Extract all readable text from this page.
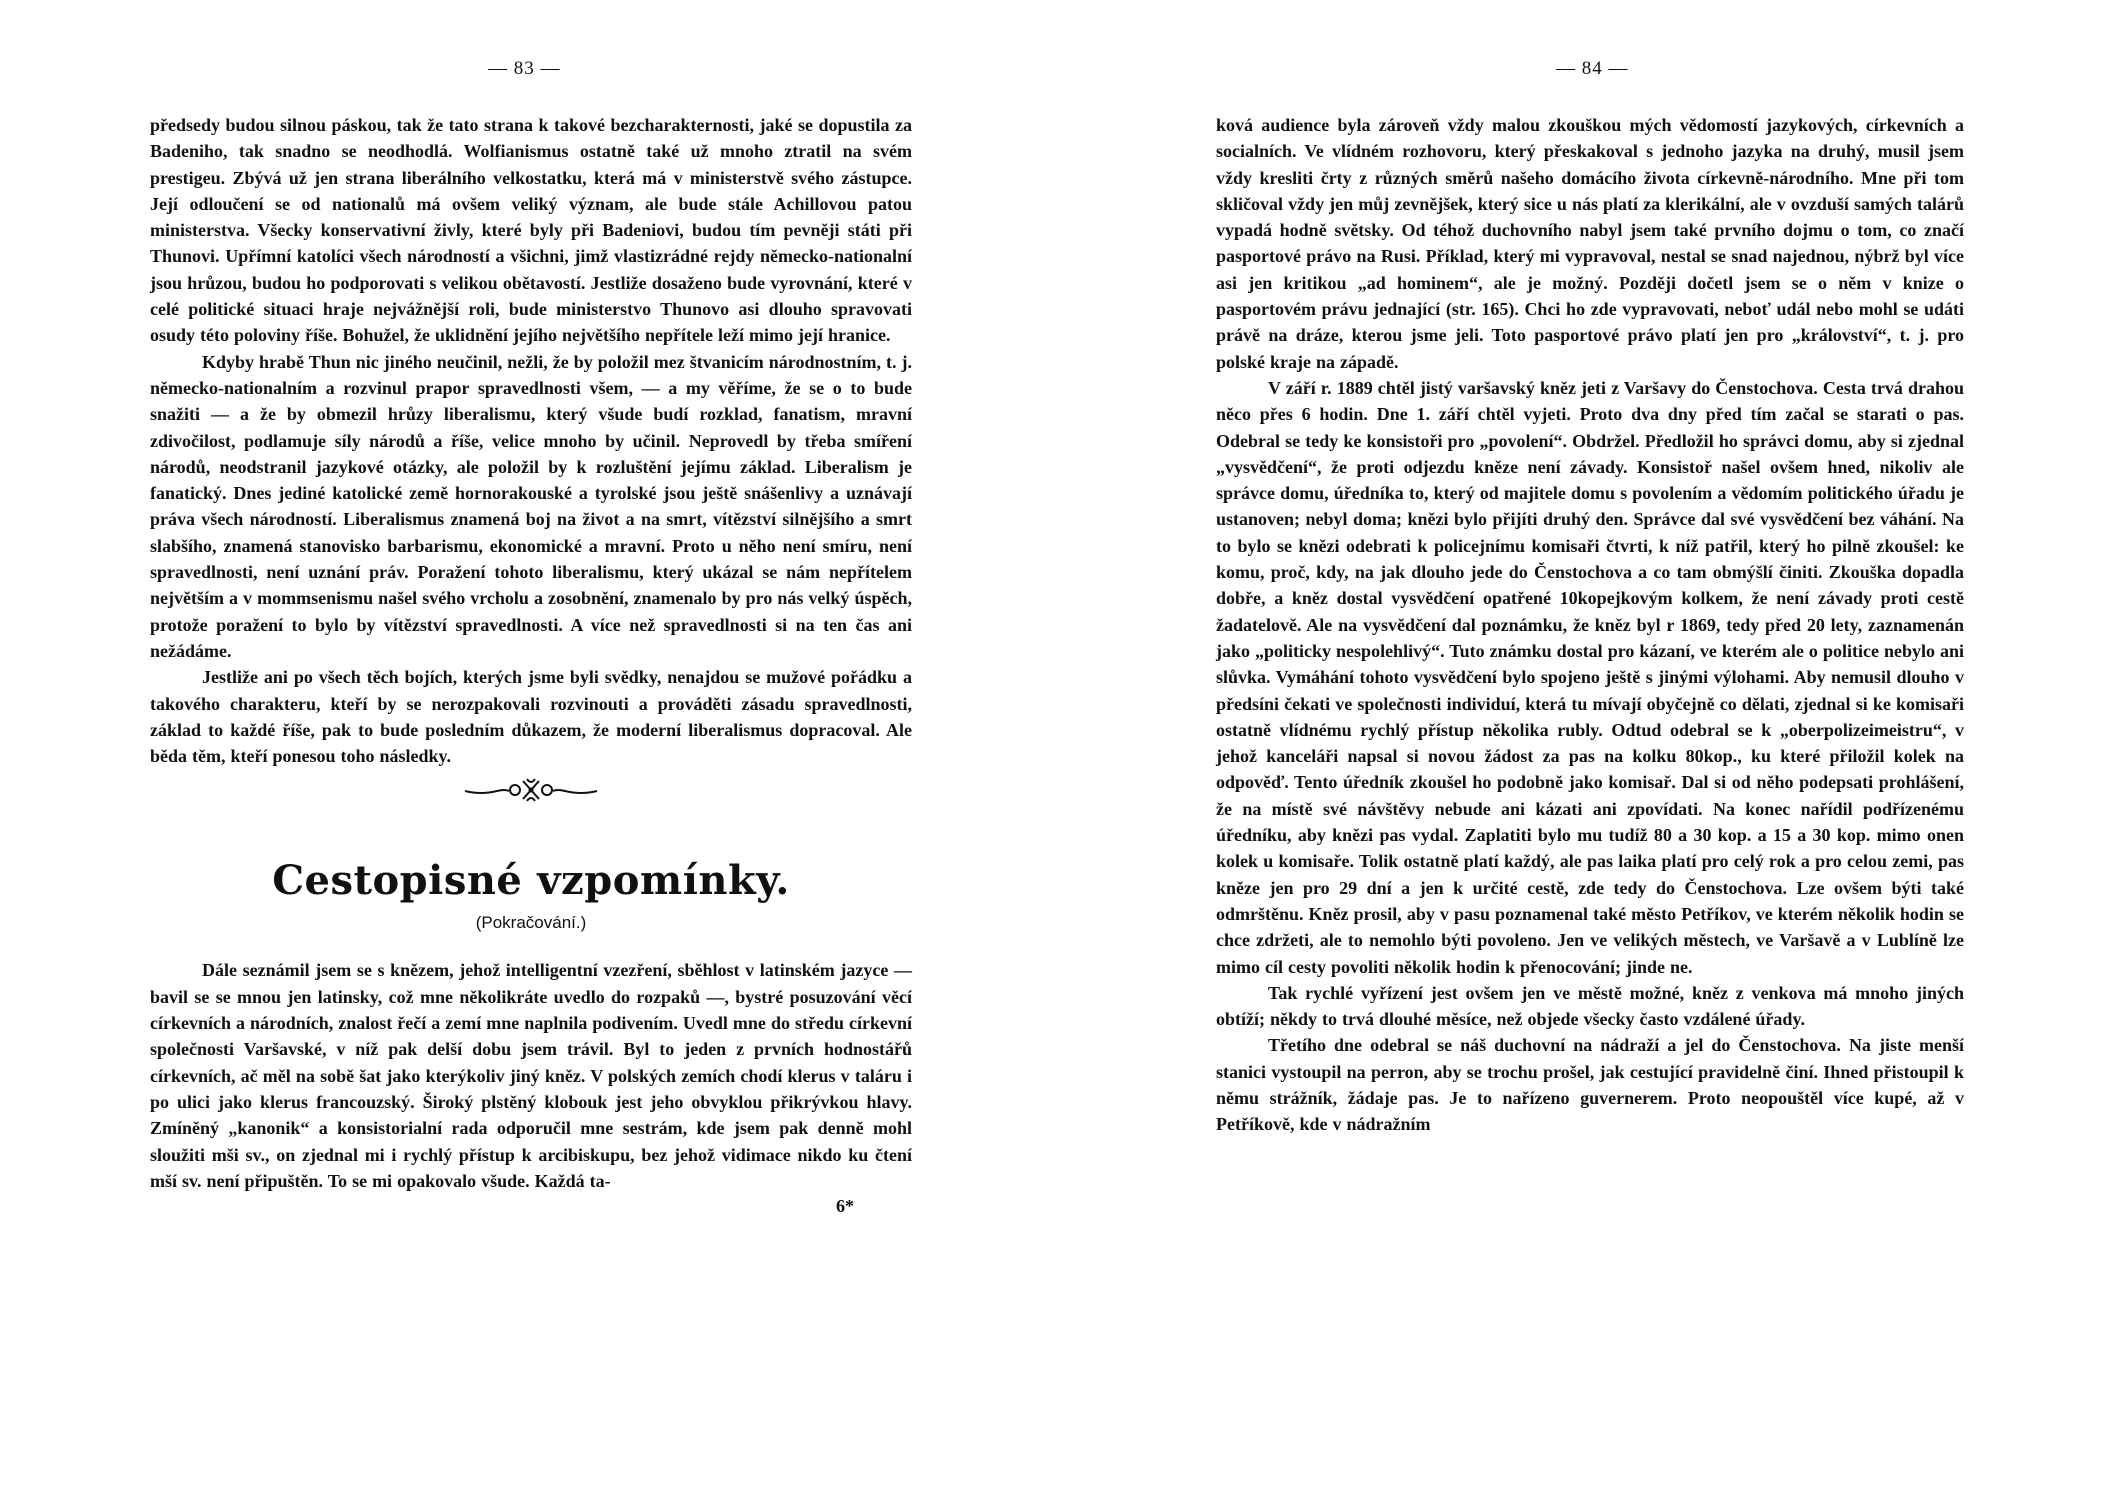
— 83 —

předsedy budou silnou páskou, tak že tato strana k takové bezcharakternosti, jaké se dopustila za Badeniho, tak snadno se neodhodlá. Wolfianismus ostatně také už mnoho ztratil na svém prestigeu. Zbývá už jen strana liberálního velkostatku, která má v ministerstvě svého zástupce. Její odloučení se od nationalů má ovšem veliký význam, ale bude stále Achillovou patou ministerstva. Všecky konservativní živly, které byly při Badeniovi, budou tím pevněji státi při Thunovi. Upřímní katolíci všech národností a všichni, jimž vlastizrádné rejdy německo-nationalní jsou hrůzou, budou ho podporovati s velikou obětavostí. Jestliže dosaženo bude vyrovnání, které v celé politické situaci hraje nejvážnější roli, bude ministerstvo Thunovo asi dlouho spravovati osudy této poloviny říše. Bohužel, že uklidnění jejího největšího nepřítele leží mimo její hranice.

Kdyby hrabě Thun nic jiného neučinil, nežli, že by položil mez štvanicím národnostním, t. j. německo-nationalním a rozvinul prapor spravedlnosti všem, — a my věříme, že se o to bude snažiti — a že by obmezil hrůzy liberalismu, který všude budí rozklad, fanatism, mravní zdivočilost, podlamuje síly národů a říše, velice mnoho by učinil. Neprovedl by třeba smíření národů, neodstranil jazykové otázky, ale položil by k rozluštění jejímu základ. Liberalism je fanatický. Dnes jediné katolické země hornorakouské a tyrolské jsou ještě snášenlivy a uznávají práva všech národností. Liberalismus znamená boj na život a na smrt, vítězství silnějšího a smrt slabšího, znamená stanovisko barbarismu, ekonomické a mravní. Proto u něho není smíru, není spravedlnosti, není uznání práv. Poražení tohoto liberalismu, který ukázal se nám nepřítelem největším a v mommsenismu našel svého vrcholu a zosobnění, znamenalo by pro nás velký úspěch, protože poražení to bylo by vítězství spravedlnosti. A více než spravedlnosti si na ten čas ani nežádáme.

Jestliže ani po všech těch bojích, kterých jsme byli svědky, nenajdou se mužové pořádku a takového charakteru, kteří by se nerozpakovali rozvinouti a prováděti zásadu spravedlnosti, základ to každé říše, pak to bude posledním důkazem, že moderní liberalismus dopracoval. Ale běda těm, kteří ponesou toho následky.

Cestopisné vzpomínky.
(Pokračování.)

Dále seznámil jsem se s knězem, jehož intelligentní vzezření, sběhlost v latinském jazyce — bavil se se mnou jen latinsky, což mne několikráte uvedlo do rozpaků —, bystré posuzování věcí církevních a národních, znalost řečí a zemí mne naplnila podivením. Uvedl mne do středu církevní společnosti Varšavské, v níž pak delší dobu jsem trávil. Byl to jeden z prvních hodnostářů církevních, ač měl na sobě šat jako kterýkoliv jiný kněz. V polských zemích chodí klerus v taláru i po ulici jako klerus francouzský. Široký plstěný klobouk jest jeho obvyklou přikrývkou hlavy. Zmíněný „kanonik“ a konsistorialní rada odporučil mne sestrám, kde jsem pak denně mohl sloužiti mši sv., on zjednal mi i rychlý přístup k arcibiskupu, bez jehož vidimace nikdo ku čtení mší sv. není připuštěn. To se mi opakovalo všude. Každá ta-

6*

— 84 —

ková audience byla zároveň vždy malou zkouškou mých vědomostí jazykových, církevních a socialních. Ve vlídném rozhovoru, který přeskakoval s jednoho jazyka na druhý, musil jsem vždy kresliti črty z různých směrů našeho domácího života církevně-národního. Mne při tom skličoval vždy jen můj zevnějšek, který sice u nás platí za klerikální, ale v ovzduší samých talárů vypadá hodně světsky. Od téhož duchovního nabyl jsem také prvního dojmu o tom, co značí pasportové právo na Rusi. Příklad, který mi vypravoval, nestal se snad najednou, nýbrž byl více asi jen kritikou „ad hominem“, ale je možný. Později dočetl jsem se o něm v knize o pasportovém právu jednající (str. 165). Chci ho zde vypravovati, neboť udál nebo mohl se udáti právě na dráze, kterou jsme jeli. Toto pasportové právo platí jen pro „království“, t. j. pro polské kraje na západě.

V září r. 1889 chtěl jistý varšavský kněz jeti z Varšavy do Čenstochova. Cesta trvá drahou něco přes 6 hodin. Dne 1. září chtěl vyjeti. Proto dva dny před tím začal se starati o pas. Odebral se tedy ke konsistoři pro „povolení“. Obdržel. Předložil ho správci domu, aby si zjednal „vysvědčení“, že proti odjezdu kněze není závady. Konsistoř našel ovšem hned, nikoliv ale správce domu, úředníka to, který od majitele domu s povolením a vědomím politického úřadu je ustanoven; nebyl doma; knězi bylo přijíti druhý den. Správce dal své vysvědčení bez váhání. Na to bylo se knězi odebrati k policejnímu komisaři čtvrti, k níž patřil, který ho pilně zkoušel: ke komu, proč, kdy, na jak dlouho jede do Čenstochova a co tam obmýšlí činiti. Zkouška dopadla dobře, a kněz dostal vysvědčení opatřené 10kopejkovým kolkem, že není závady proti cestě žadatelově. Ale na vysvědčení dal poznámku, že kněz byl r 1869, tedy před 20 lety, zaznamenán jako „politicky nespolehlivý“. Tuto známku dostal pro kázaní, ve kterém ale o politice nebylo ani slůvka. Vymáhání tohoto vysvědčení bylo spojeno ještě s jinými výlohami. Aby nemusil dlouho v předsíni čekati ve společnosti individuí, která tu mívají obyčejně co dělati, zjednal si ke komisaři ostatně vlídnému rychlý přístup několika rubly. Odtud odebral se k „oberpolizeimeistru“, v jehož kanceláři napsal si novou žádost za pas na kolku 80kop., ku které přiložil kolek na odpověď. Tento úředník zkoušel ho podobně jako komisař. Dal si od něho podepsati prohlášení, že na místě své návštěvy nebude ani kázati ani zpovídati. Na konec nařídil podřízenému úředníku, aby knězi pas vydal. Zaplatiti bylo mu tudíž 80 a 30 kop. a 15 a 30 kop. mimo onen kolek u komisaře. Tolik ostatně platí každý, ale pas laika platí pro celý rok a pro celou zemi, pas kněze jen pro 29 dní a jen k určité cestě, zde tedy do Čenstochova. Lze ovšem býti také odmrštěnu. Kněz prosil, aby v pasu poznamenal také město Petříkov, ve kterém několik hodin se chce zdržeti, ale to nemohlo býti povoleno. Jen ve velikých městech, ve Varšavě a v Lublíně lze mimo cíl cesty povoliti několik hodin k přenocování; jinde ne.

Tak rychlé vyřízení jest ovšem jen ve městě možné, kněz z venkova má mnoho jiných obtíží; někdy to trvá dlouhé měsíce, než objede všecky často vzdálené úřady.

Třetího dne odebral se náš duchovní na nádraží a jel do Čenstochova. Na jiste menší stanici vystoupil na perron, aby se trochu prošel, jak cestující pravidelně činí. Ihned přistoupil k němu strážník, žádaje pas. Je to nařízeno guvernerem. Proto neopouštěl více kupé, až v Petříkově, kde v nádražním
